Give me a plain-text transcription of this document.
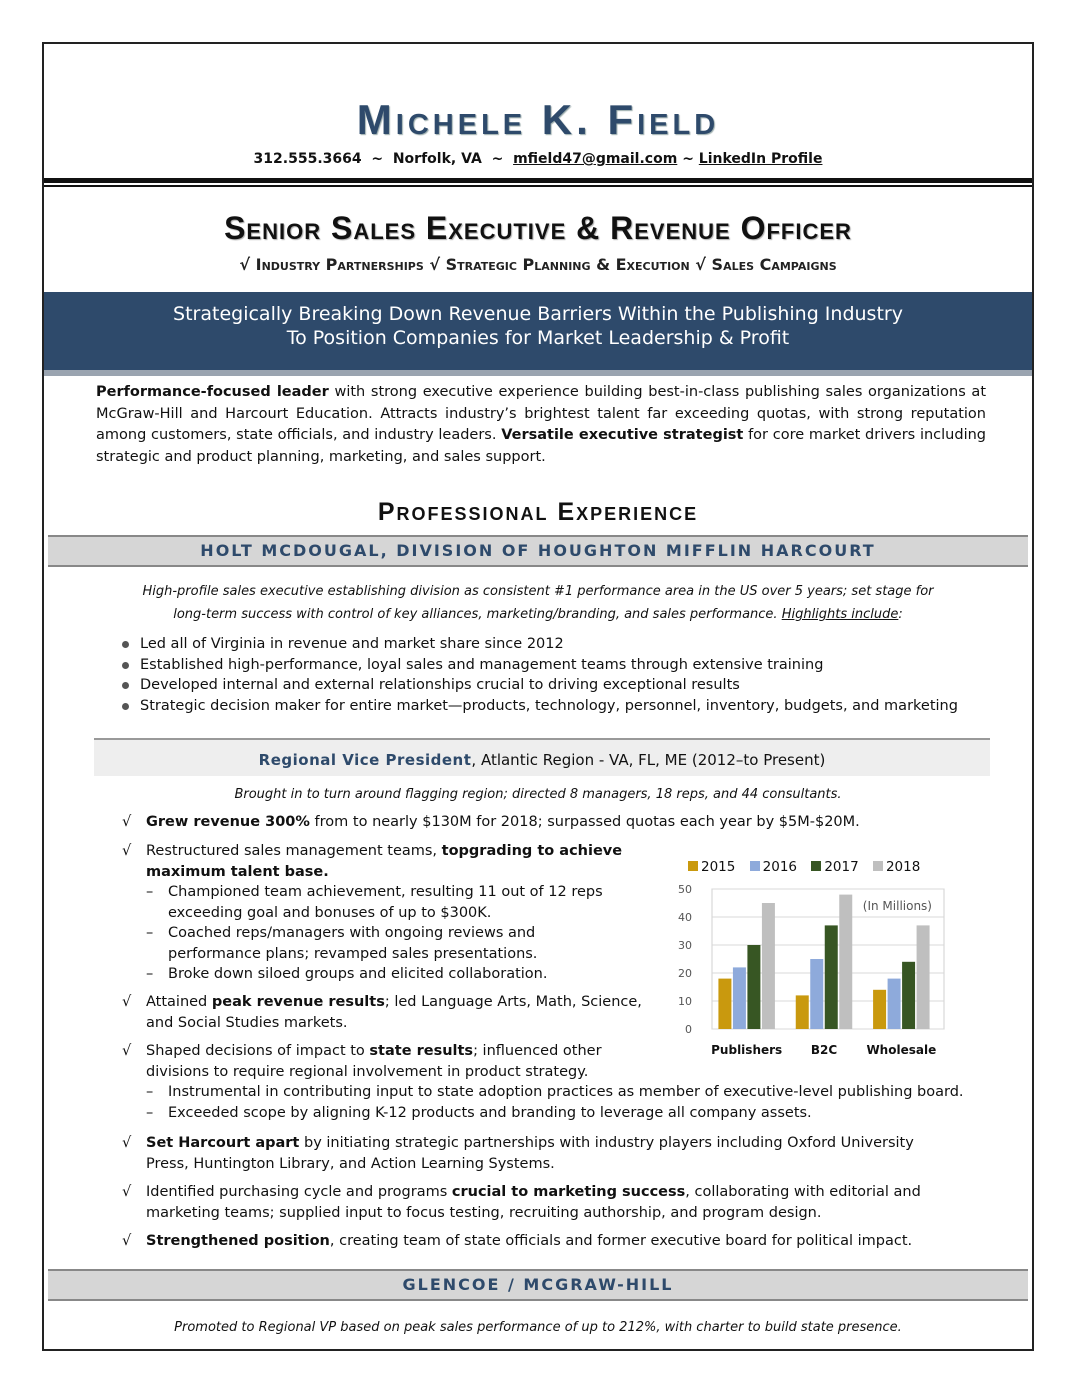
Michele K. Field
312.555.3664 ~ Norfolk, VA ~ mfield47@gmail.com ~ LinkedIn Profile
Senior Sales Executive & Revenue Officer
√ Industry Partnerships √ Strategic Planning & Execution √ Sales Campaigns
Strategically Breaking Down Revenue Barriers Within the Publishing Industry
To Position Companies for Market Leadership & Profit
Performance-focused leader with strong executive experience building best-in-class publishing sales organizations at McGraw-Hill and Harcourt Education. Attracts industry’s brightest talent far exceeding quotas, with strong reputation among customers, state officials, and industry leaders. Versatile executive strategist for core market drivers including strategic and product planning, marketing, and sales support.
Professional Experience
HOLT MCDOUGAL, DIVISION OF HOUGHTON MIFFLIN HARCOURT
High-profile sales executive establishing division as consistent #1 performance area in the US over 5 years; set stage for
long-term success with control of key alliances, marketing/branding, and sales performance. Highlights include:
Led all of Virginia in revenue and market share since 2012
Established high-performance, loyal sales and management teams through extensive training
Developed internal and external relationships crucial to driving exceptional results
Strategic decision maker for entire market—products, technology, personnel, inventory, budgets, and marketing
Regional Vice President, Atlantic Region - VA, FL, ME (2012–to Present)
Brought in to turn around flagging region; directed 8 managers, 18 reps, and 44 consultants.
√	Grew revenue 300% from to nearly $130M for 2018; surpassed quotas each year by $5M-$20M.
√	Restructured sales management teams, topgrading to achieve maximum talent base.
– Championed team achievement, resulting 11 out of 12 reps exceeding goal and bonuses of up to $300K.
– Coached reps/managers with ongoing reviews and performance plans; revamped sales presentations.
– Broke down siloed groups and elicited collaboration.
√	Attained peak revenue results; led Language Arts, Math, Science, and Social Studies markets.
√	Shaped decisions of impact to state results; influenced other divisions to require regional involvement in product strategy.
– Instrumental in contributing input to state adoption practices as member of executive-level publishing board.
– Exceeded scope by aligning K-12 products and branding to leverage all company assets.
√	Set Harcourt apart by initiating strategic partnerships with industry players including Oxford University Press, Huntington Library, and Action Learning Systems.
√	Identified purchasing cycle and programs crucial to marketing success, collaborating with editorial and marketing teams; supplied input to focus testing, recruiting authorship, and program design.
√	Strengthened position, creating team of state officials and former executive board for political impact.
GLENCOE / MCGRAW-HILL
Promoted to Regional VP based on peak sales performance of up to 212%, with charter to build state presence.
2015 2016 2017 2018
0
10
20
30
40
50
Publishers B2C Wholesale
(In Millions)
